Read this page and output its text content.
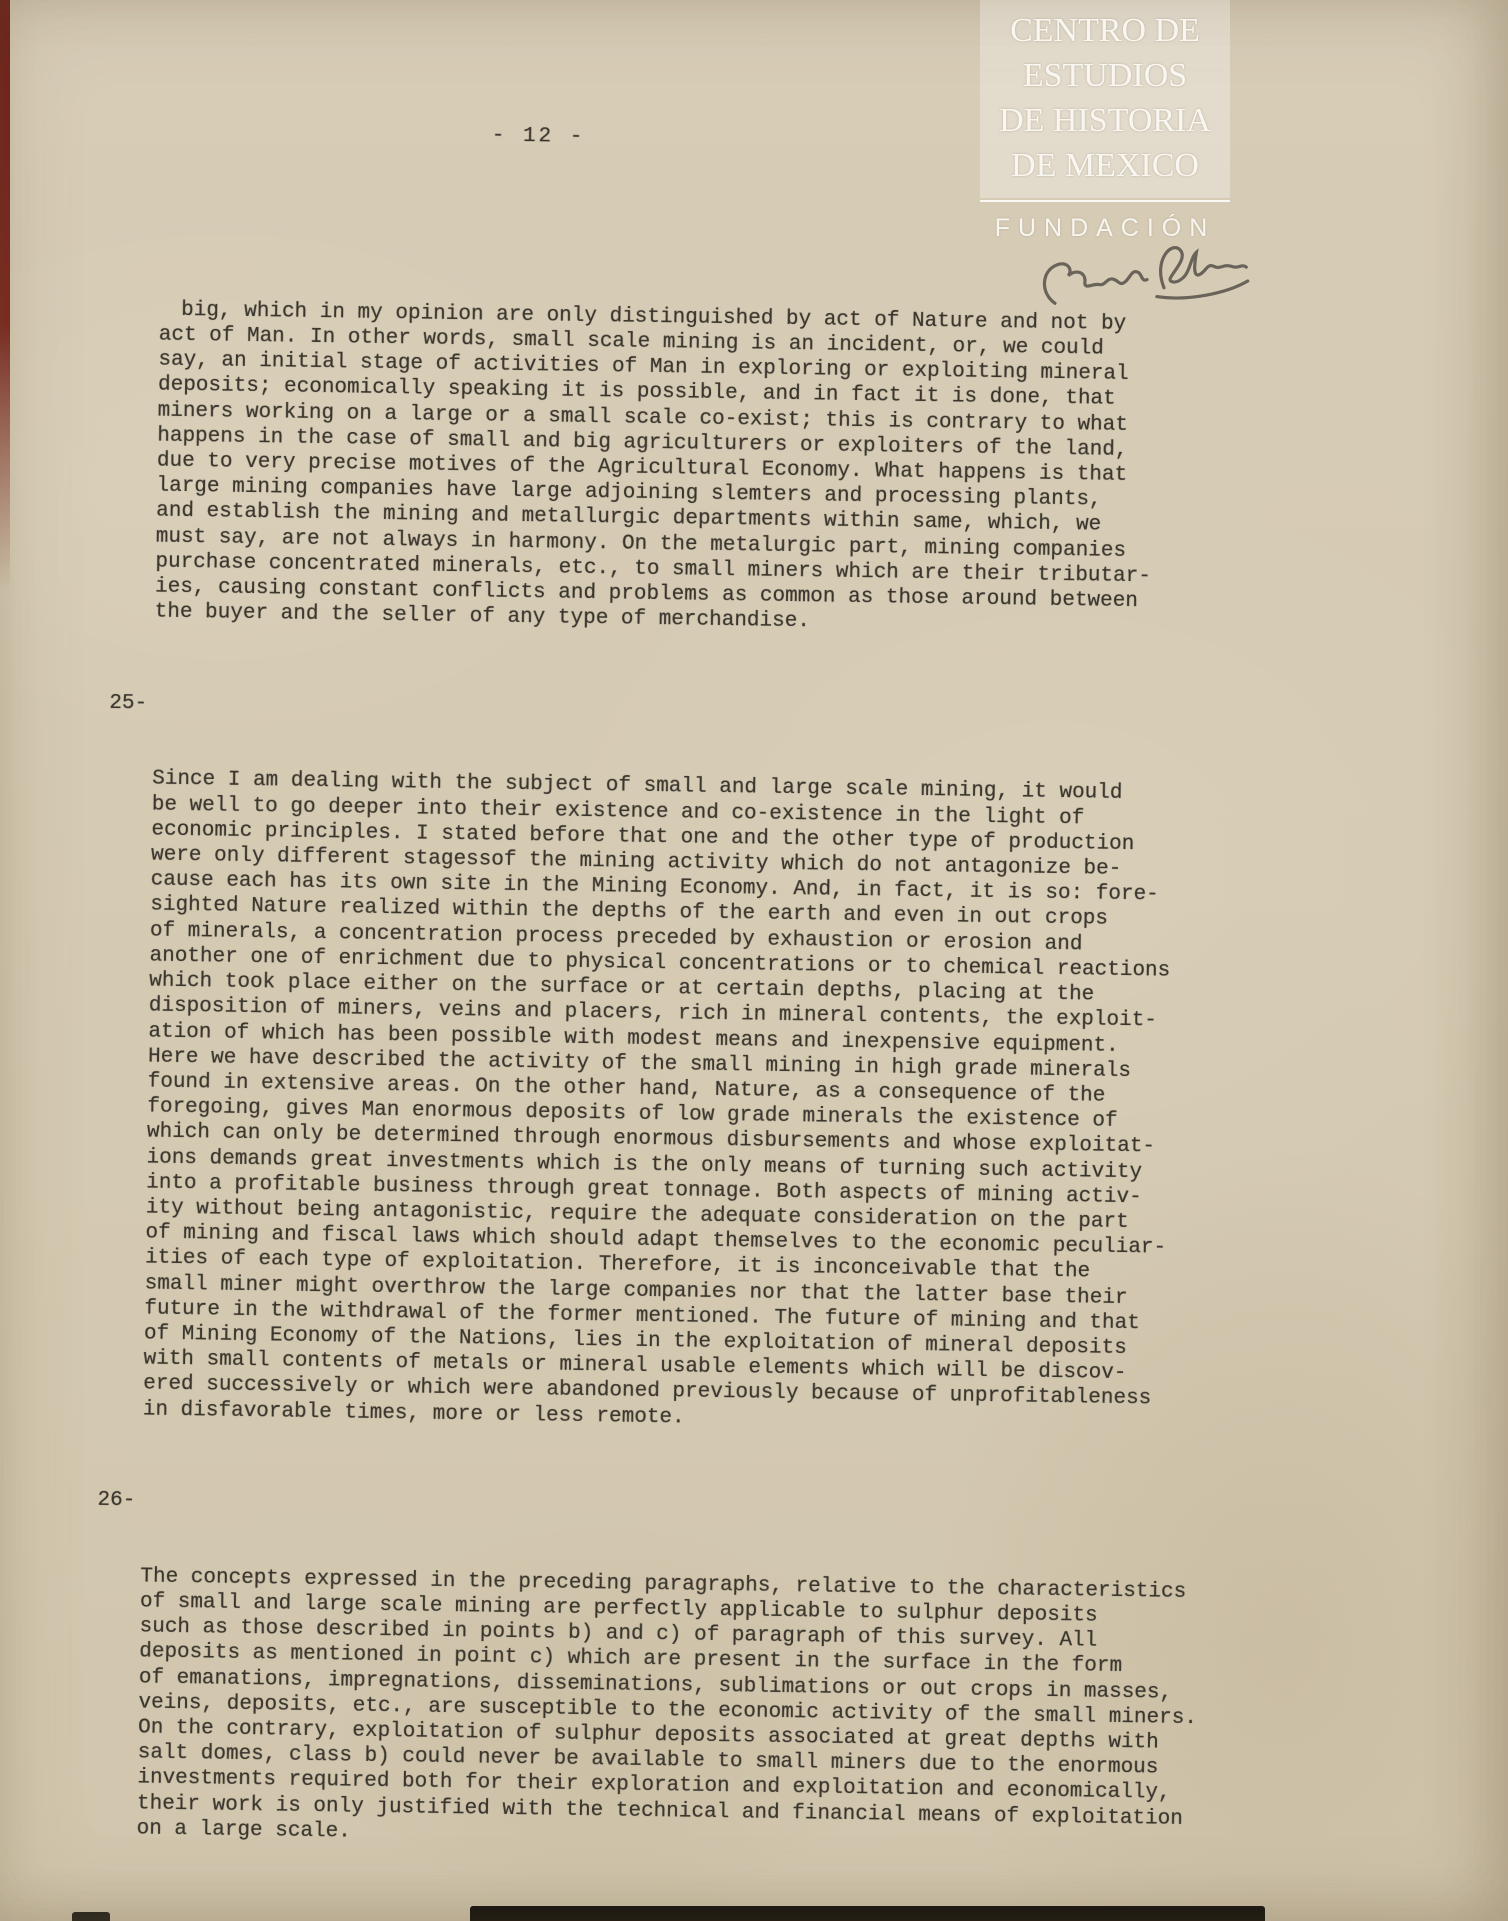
- 12 -

big, which in my opinion are only distinguished by act of Nature and not by
act of Man. In other words, small scale mining is an incident, or, we could
say, an initial stage of activities of Man in exploring or exploiting mineral
deposits; economically speaking it is possible, and in fact it is done, that
miners working on a large or a small scale co-exist; this is contrary to what
happens in the case of small and big agriculturers or exploiters of the land,
due to very precise motives of the Agricultural Economy. What happens is that
large mining companies have large adjoining slemters and processing plants,
and establish the mining and metallurgic departments within same, which, we
must say, are not always in harmony. On the metalurgic part, mining companies
purchase concentrated minerals, etc., to small miners which are their tributar-
ies, causing constant conflicts and problems as common as those around between
the buyer and the seller of any type of merchandise.

25-

Since I am dealing with the subject of small and large scale mining, it would
be well to go deeper into their existence and co-existence in the light of
economic principles. I stated before that one and the other type of production
were only different stagessof the mining activity which do not antagonize be-
cause each has its own site in the Mining Economy. And, in fact, it is so: fore-
sighted Nature realized within the depths of the earth and even in out crops
of minerals, a concentration process preceded by exhaustion or erosion and
another one of enrichment due to physical concentrations or to chemical reactions
which took place either on the surface or at certain depths, placing at the
disposition of miners, veins and placers, rich in mineral contents, the exploit-
ation of which has been possible with modest means and inexpensive equipment.
Here we have described the activity of the small mining in high grade minerals
found in extensive areas. On the other hand, Nature, as a consequence of the
foregoing, gives Man enormous deposits of low grade minerals the existence of
which can only be determined through enormous disbursements and whose exploitat-
ions demands great investments which is the only means of turning such activity
into a profitable business through great tonnage. Both aspects of mining activ-
ity without being antagonistic, require the adequate consideration on the part
of mining and fiscal laws which should adapt themselves to the economic peculiar-
ities of each type of exploitation. Therefore, it is inconceivable that the
small miner might overthrow the large companies nor that the latter base their
future in the withdrawal of the former mentioned. The future of mining and that
of Mining Economy of the Nations, lies in the exploitation of mineral deposits
with small contents of metals or mineral usable elements which will be discov-
ered successively or which were abandoned previously because of unprofitableness
in disfavorable times, more or less remote.

26-

The concepts expressed in the preceding paragraphs, relative to the characteristics
of small and large scale mining are perfectly applicable to sulphur deposits
such as those described in points b) and c) of paragraph of this survey. All
deposits as mentioned in point c) which are present in the surface in the form
of emanations, impregnations, disseminations, sublimations or out crops in masses,
veins, deposits, etc., are susceptible to the economic activity of the small miners.
On the contrary, exploitation of sulphur deposits associated at great depths with
salt domes, class b) could never be available to small miners due to the enormous
investments required both for their exploration and exploitation and economically,
their work is only justified with the technical and financial means of exploitation
on a large scale.

CENTRO DE
ESTUDIOS
DE HISTORIA
DE MEXICO
FUNDACIÓN
